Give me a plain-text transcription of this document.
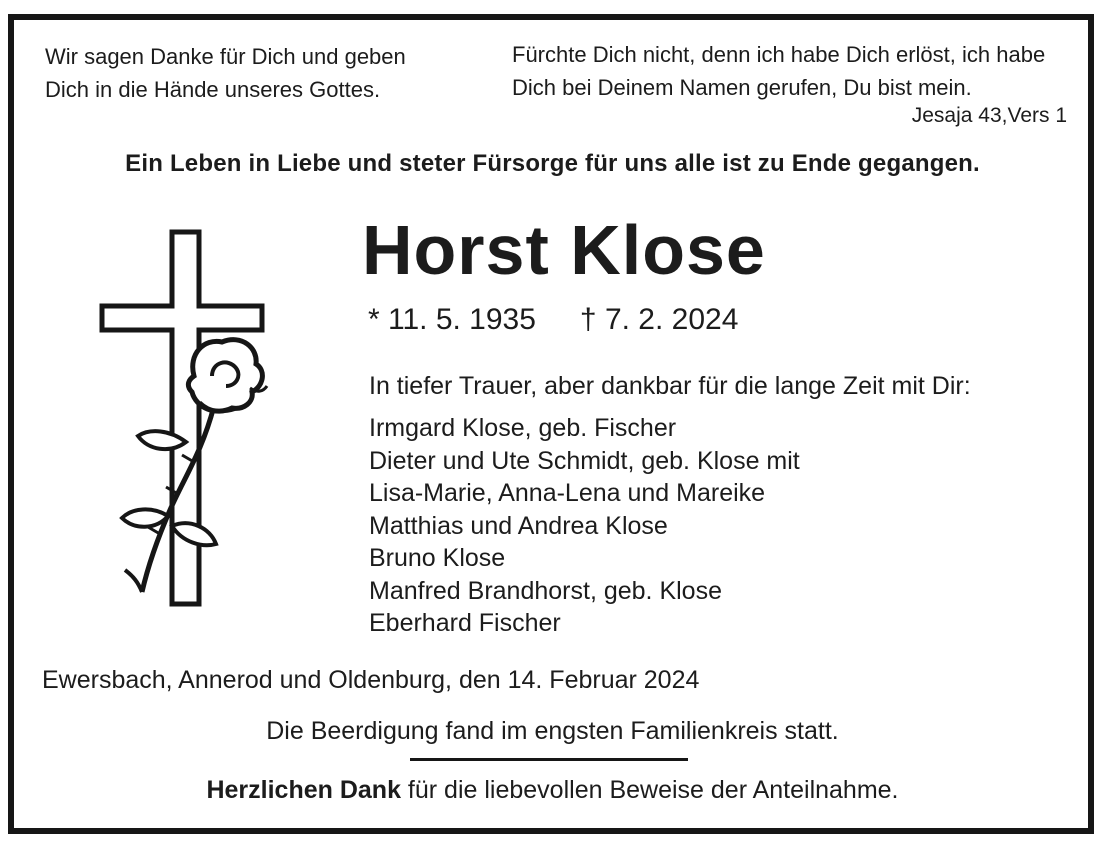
Wir sagen Danke für Dich und geben
Dich in die Hände unseres Gottes.
Fürchte Dich nicht, denn ich habe Dich erlöst, ich habe
Dich bei Deinem Namen gerufen, Du bist mein.
Jesaja 43,Vers 1
Ein Leben in Liebe und steter Fürsorge für uns alle ist zu Ende gegangen.
Horst Klose
* 11. 5. 1935 † 7. 2. 2024
In tiefer Trauer, aber dankbar für die lange Zeit mit Dir:
Irmgard Klose, geb. Fischer
Dieter und Ute Schmidt, geb. Klose mit
Lisa-Marie, Anna-Lena und Mareike
Matthias und Andrea Klose
Bruno Klose
Manfred Brandhorst, geb. Klose
Eberhard Fischer
Ewersbach, Annerod und Oldenburg, den 14. Februar 2024
Die Beerdigung fand im engsten Familienkreis statt.
Herzlichen Dank für die liebevollen Beweise der Anteilnahme.
